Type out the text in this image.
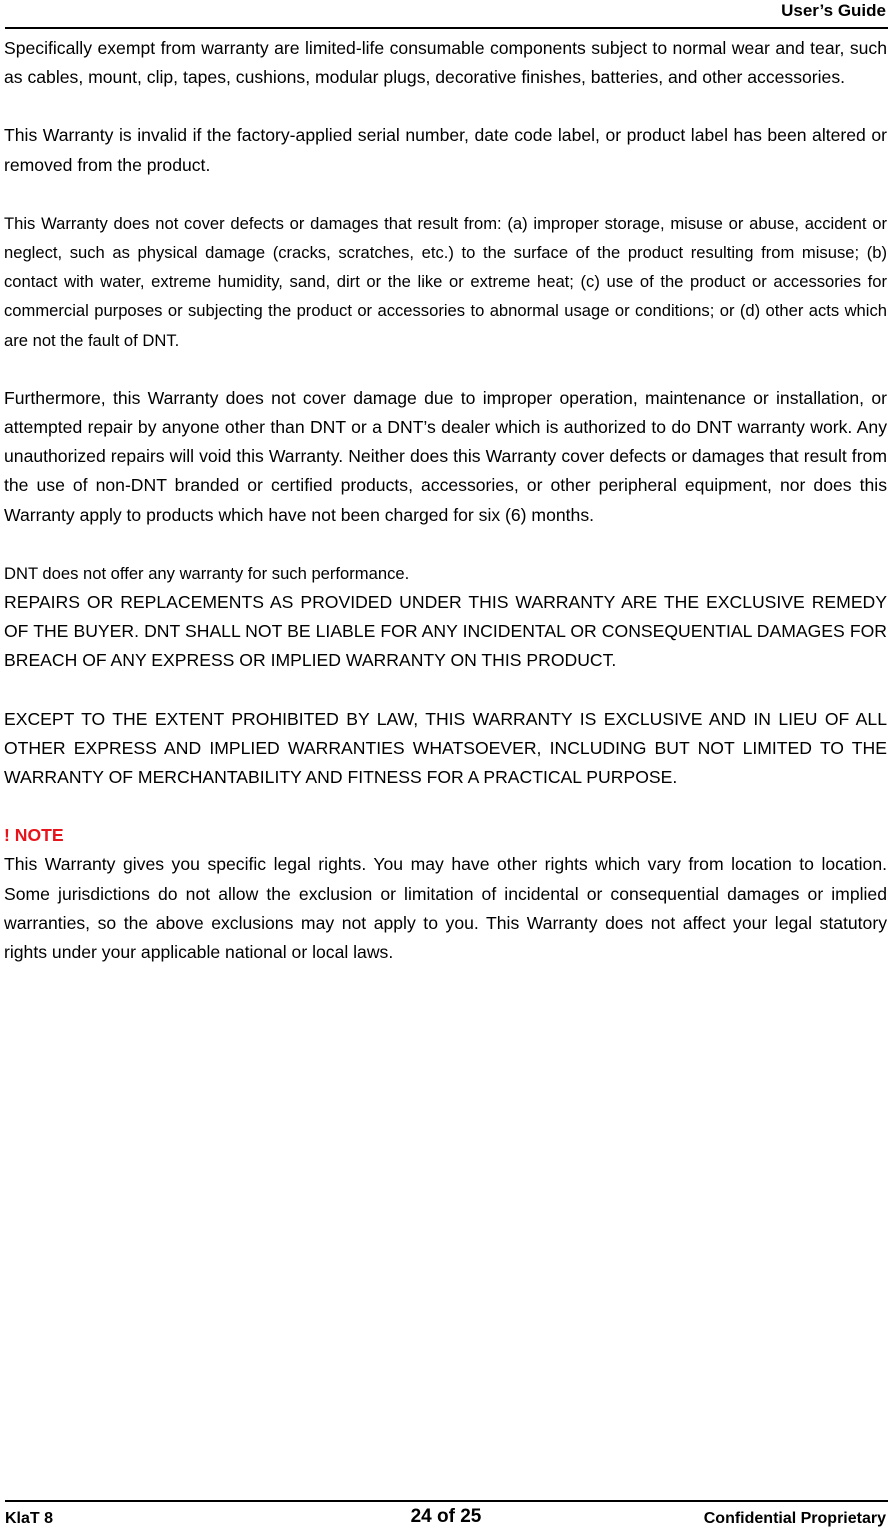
User’s Guide

Specifically exempt from warranty are limited-life consumable components subject to normal wear and tear, such as cables, mount, clip, tapes, cushions, modular plugs, decorative finishes, batteries, and other accessories.

This Warranty is invalid if the factory-applied serial number, date code label, or product label has been altered or removed from the product.

This Warranty does not cover defects or damages that result from: (a) improper storage, misuse or abuse, accident or neglect, such as physical damage (cracks, scratches, etc.) to the surface of the product resulting from misuse; (b) contact with water, extreme humidity, sand, dirt or the like or extreme heat; (c) use of the product or accessories for commercial purposes or subjecting the product or accessories to abnormal usage or conditions; or (d) other acts which are not the fault of DNT.

Furthermore, this Warranty does not cover damage due to improper operation, maintenance or installation, or attempted repair by anyone other than DNT or a DNT’s dealer which is authorized to do DNT warranty work. Any unauthorized repairs will void this Warranty. Neither does this Warranty cover defects or damages that result from the use of non-DNT branded or certified products, accessories, or other peripheral equipment, nor does this Warranty apply to products which have not been charged for six (6) months.

DNT does not offer any warranty for such performance.

REPAIRS OR REPLACEMENTS AS PROVIDED UNDER THIS WARRANTY ARE THE EXCLUSIVE REMEDY OF THE BUYER. DNT SHALL NOT BE LIABLE FOR ANY INCIDENTAL OR CONSEQUENTIAL DAMAGES FOR BREACH OF ANY EXPRESS OR IMPLIED WARRANTY ON THIS PRODUCT.

EXCEPT TO THE EXTENT PROHIBITED BY LAW, THIS WARRANTY IS EXCLUSIVE AND IN LIEU OF ALL OTHER EXPRESS AND IMPLIED WARRANTIES WHATSOEVER, INCLUDING BUT NOT LIMITED TO THE WARRANTY OF MERCHANTABILITY AND FITNESS FOR A PRACTICAL PURPOSE.

! NOTE

This Warranty gives you specific legal rights. You may have other rights which vary from location to location. Some jurisdictions do not allow the exclusion or limitation of incidental or consequential damages or implied warranties, so the above exclusions may not apply to you. This Warranty does not affect your legal statutory rights under your applicable national or local laws.

KlaT 8	24 of 25	Confidential Proprietary
